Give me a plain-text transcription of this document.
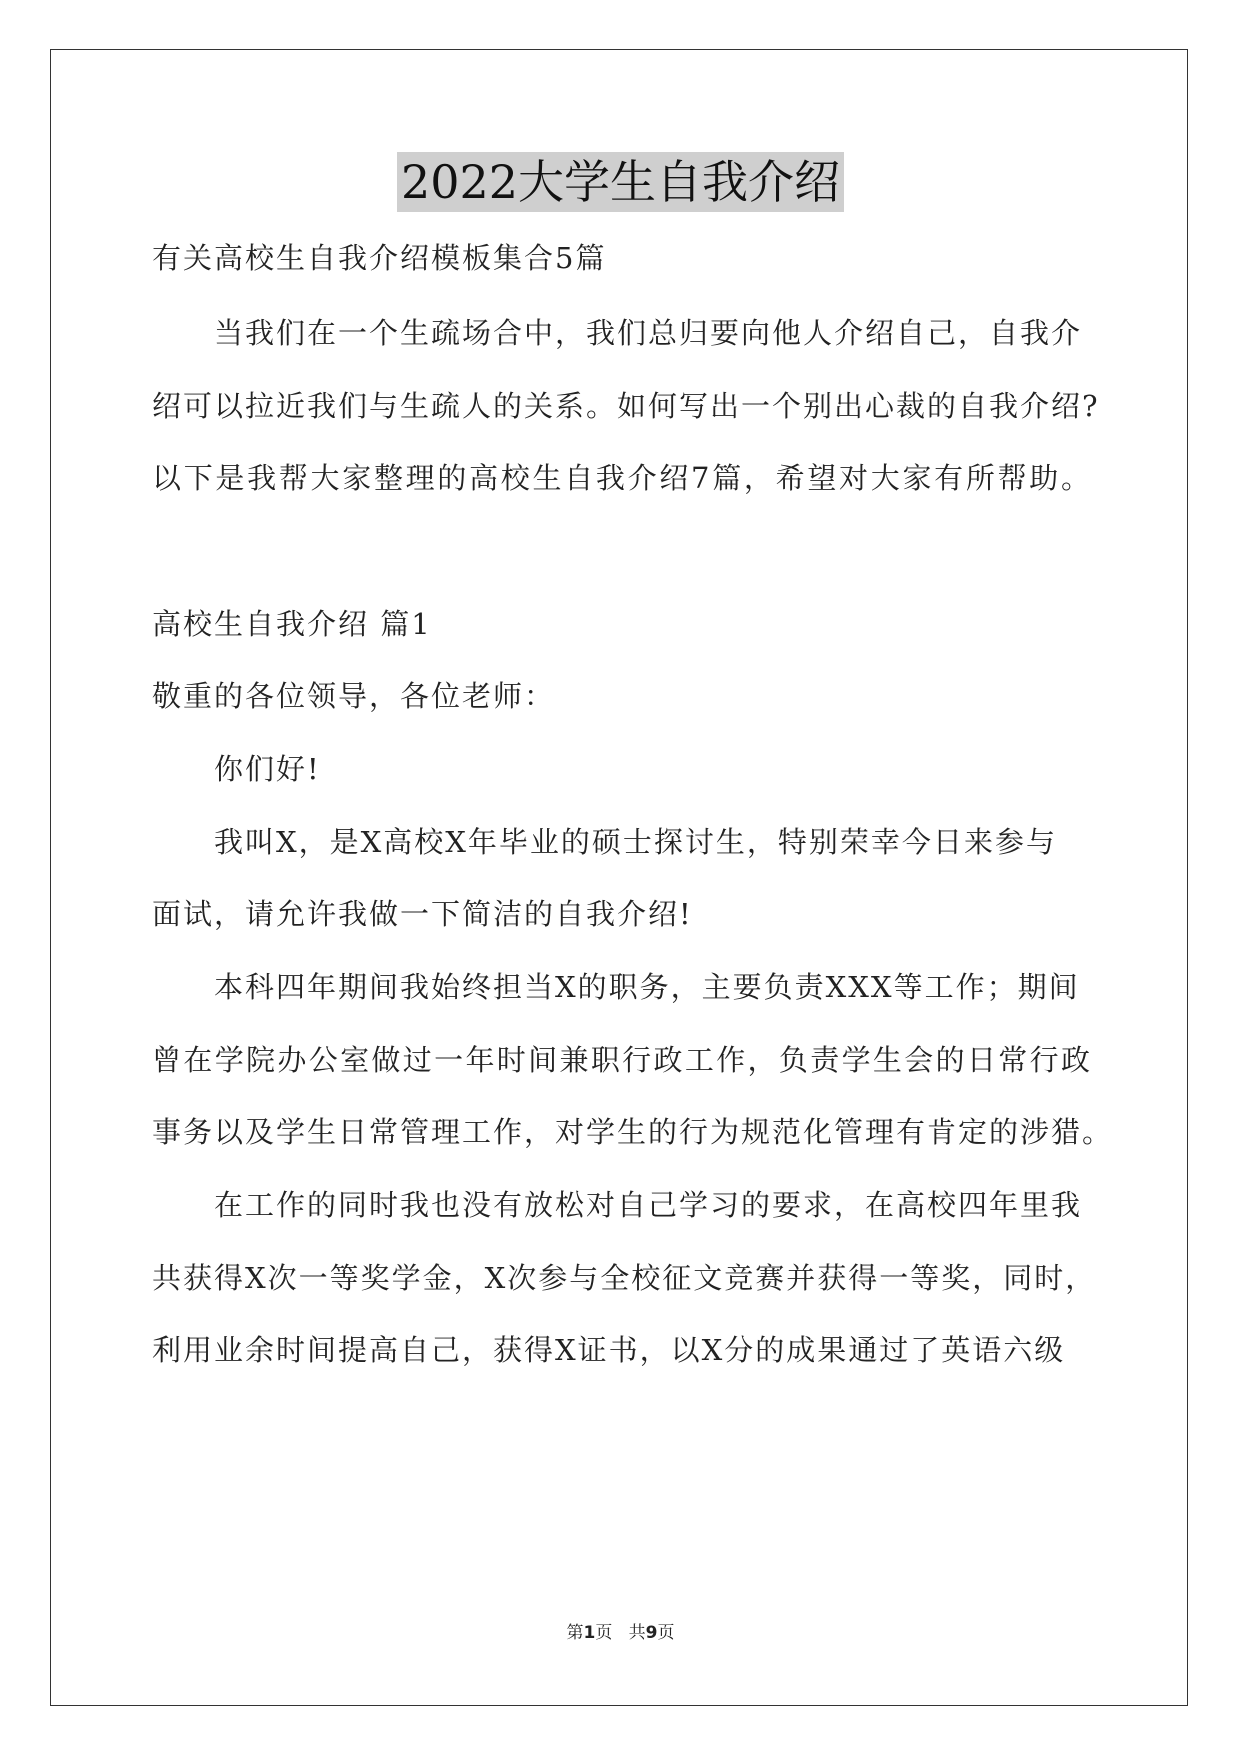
2022大学生自我介绍
有关高校生自我介绍模板集合5篇
当我们在一个生疏场合中，我们总归要向他人介绍自己，自我介
绍可以拉近我们与生疏人的关系。如何写出一个别出心裁的自我介绍?
以下是我帮大家整理的高校生自我介绍7篇，希望对大家有所帮助。
高校生自我介绍 篇1
敬重的各位领导，各位老师：
你们好!
我叫X，是X高校X年毕业的硕士探讨生，特别荣幸今日来参与
面试，请允许我做一下简洁的自我介绍!
本科四年期间我始终担当X的职务，主要负责XXX等工作；期间
曾在学院办公室做过一年时间兼职行政工作，负责学生会的日常行政
事务以及学生日常管理工作，对学生的行为规范化管理有肯定的涉猎。
在工作的同时我也没有放松对自己学习的要求，在高校四年里我
共获得X次一等奖学金，X次参与全校征文竞赛并获得一等奖，同时，
利用业余时间提高自己，获得X证书，以X分的成果通过了英语六级
第1页 共9页
